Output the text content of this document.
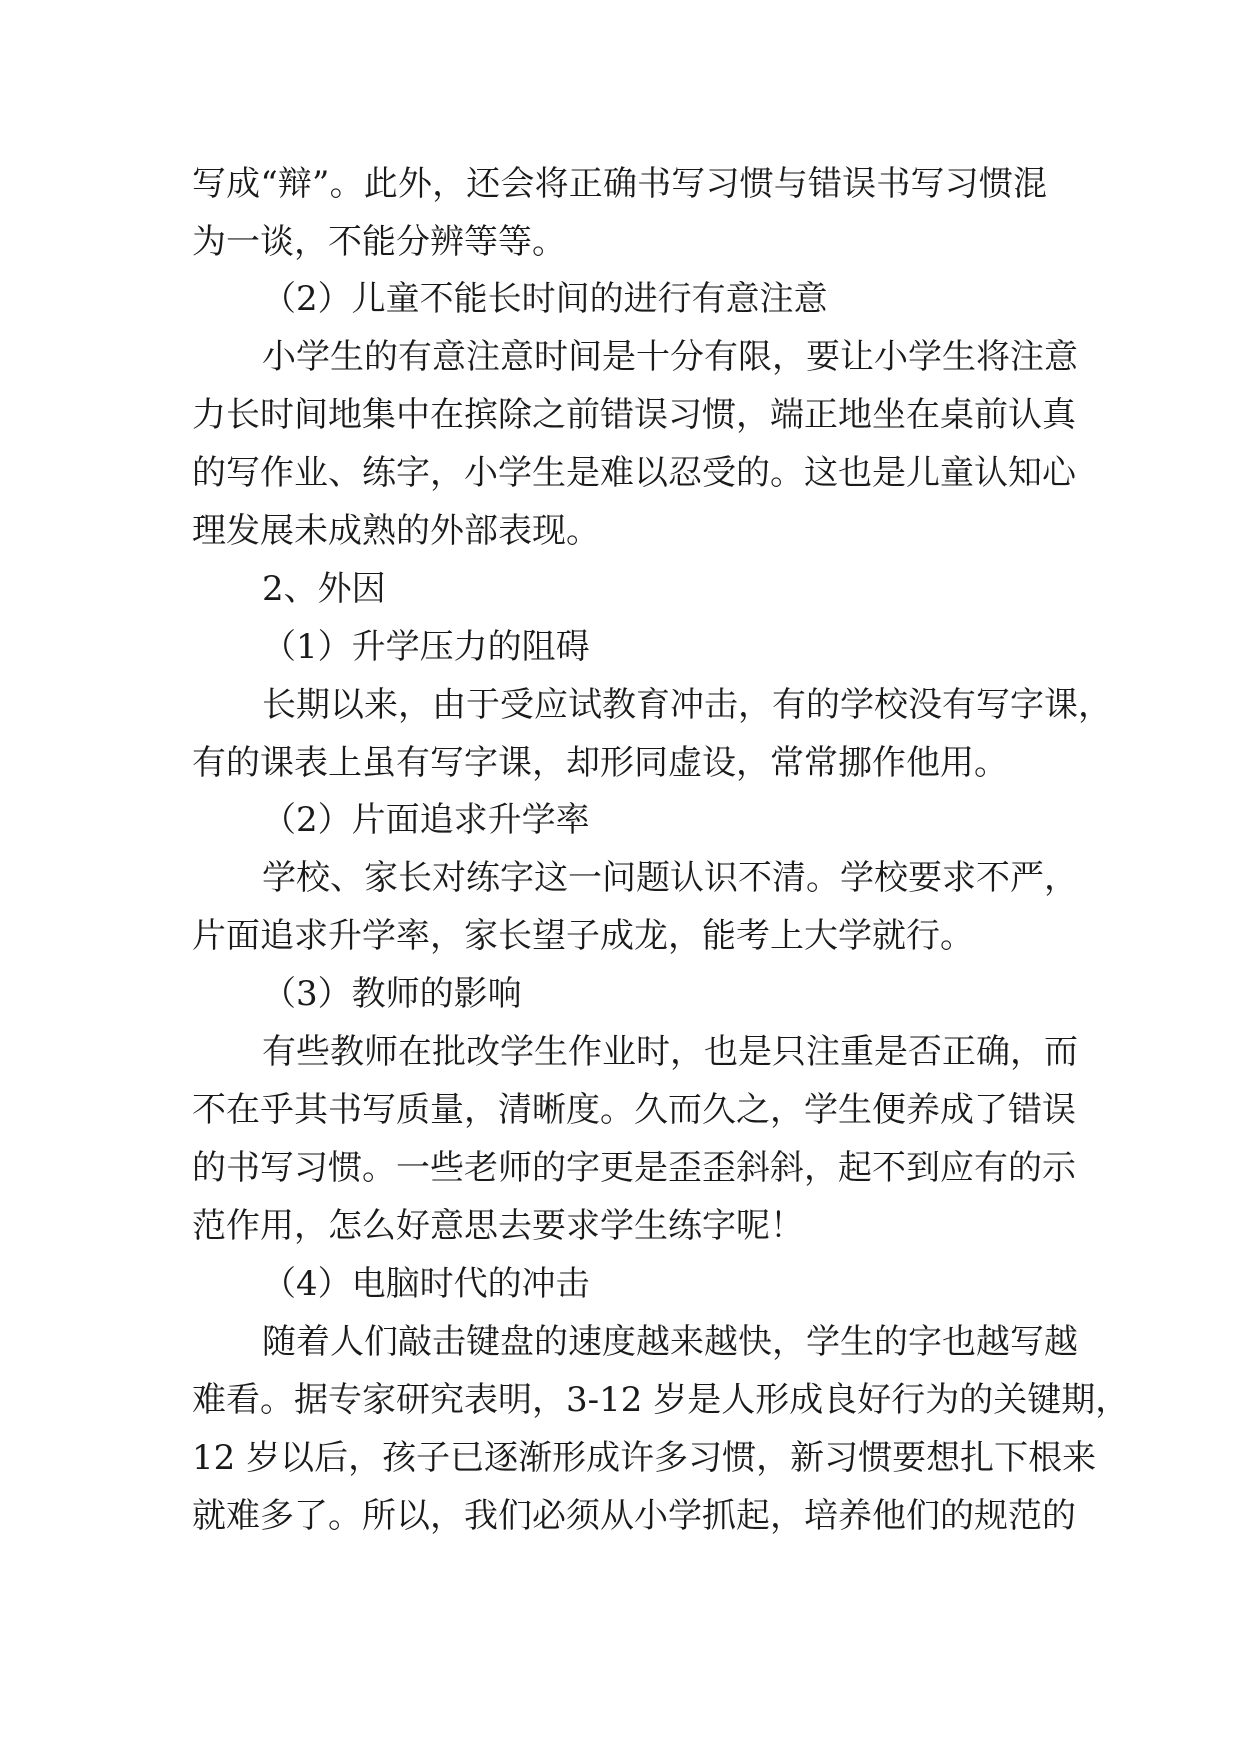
写成“辩”。此外，还会将正确书写习惯与错误书写习惯混
为一谈，不能分辨等等。
（2）儿童不能长时间的进行有意注意
小学生的有意注意时间是十分有限，要让小学生将注意
力长时间地集中在摈除之前错误习惯，端正地坐在桌前认真
的写作业、练字，小学生是难以忍受的。这也是儿童认知心
理发展未成熟的外部表现。
2、外因
（1）升学压力的阻碍
长期以来，由于受应试教育冲击，有的学校没有写字课，
有的课表上虽有写字课，却形同虚设，常常挪作他用。
（2）片面追求升学率
学校、家长对练字这一问题认识不清。学校要求不严，
片面追求升学率，家长望子成龙，能考上大学就行。
（3）教师的影响
有些教师在批改学生作业时，也是只注重是否正确，而
不在乎其书写质量，清晰度。久而久之，学生便养成了错误
的书写习惯。一些老师的字更是歪歪斜斜，起不到应有的示
范作用，怎么好意思去要求学生练字呢！
（4）电脑时代的冲击
随着人们敲击键盘的速度越来越快，学生的字也越写越
难看。据专家研究表明，3-12 岁是人形成良好行为的关键期，
12 岁以后，孩子已逐渐形成许多习惯，新习惯要想扎下根来
就难多了。所以，我们必须从小学抓起，培养他们的规范的
